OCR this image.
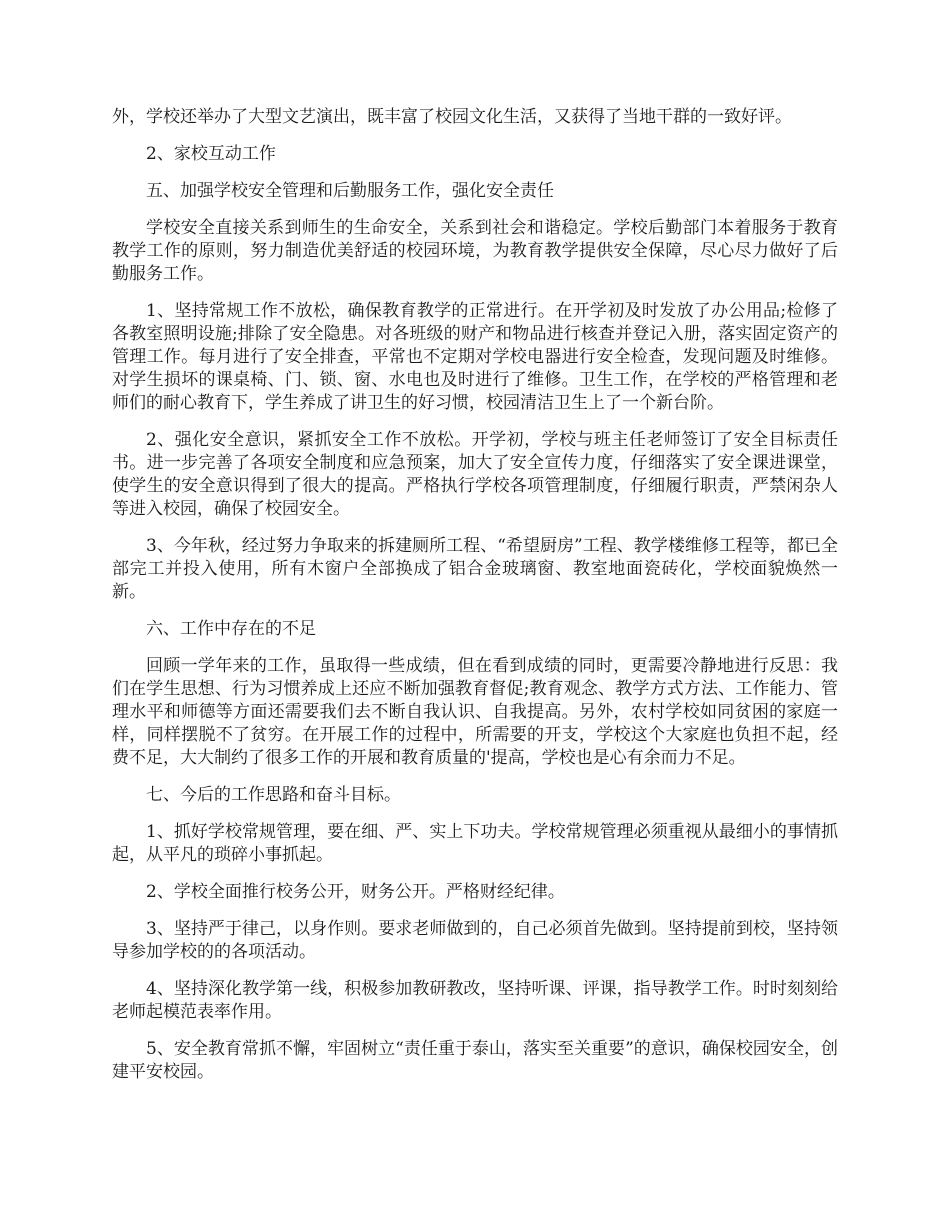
外，学校还举办了大型文艺演出，既丰富了校园文化生活，又获得了当地干群的一致好评。

2、家校互动工作

五、加强学校安全管理和后勤服务工作，强化安全责任

学校安全直接关系到师生的生命安全，关系到社会和谐稳定。学校后勤部门本着服务于教育教学工作的原则，努力制造优美舒适的校园环境，为教育教学提供安全保障，尽心尽力做好了后勤服务工作。

1、坚持常规工作不放松，确保教育教学的正常进行。在开学初及时发放了办公用品;检修了各教室照明设施;排除了安全隐患。对各班级的财产和物品进行核查并登记入册，落实固定资产的管理工作。每月进行了安全排查，平常也不定期对学校电器进行安全检查，发现问题及时维修。对学生损坏的课桌椅、门、锁、窗、水电也及时进行了维修。卫生工作，在学校的严格管理和老师们的耐心教育下，学生养成了讲卫生的好习惯，校园清洁卫生上了一个新台阶。

2、强化安全意识，紧抓安全工作不放松。开学初，学校与班主任老师签订了安全目标责任书。进一步完善了各项安全制度和应急预案，加大了安全宣传力度，仔细落实了安全课进课堂，使学生的安全意识得到了很大的提高。严格执行学校各项管理制度，仔细履行职责，严禁闲杂人等进入校园，确保了校园安全。

3、今年秋，经过努力争取来的拆建厕所工程、“希望厨房”工程、教学楼维修工程等，都已全部完工并投入使用，所有木窗户全部换成了铝合金玻璃窗、教室地面瓷砖化，学校面貌焕然一新。

六、工作中存在的不足

回顾一学年来的工作，虽取得一些成绩，但在看到成绩的同时，更需要冷静地进行反思：我们在学生思想、行为习惯养成上还应不断加强教育督促;教育观念、教学方式方法、工作能力、管理水平和师德等方面还需要我们去不断自我认识、自我提高。另外，农村学校如同贫困的家庭一样，同样摆脱不了贫穷。在开展工作的过程中，所需要的开支，学校这个大家庭也负担不起，经费不足，大大制约了很多工作的开展和教育质量的'提高，学校也是心有余而力不足。

七、今后的工作思路和奋斗目标。

1、抓好学校常规管理，要在细、严、实上下功夫。学校常规管理必须重视从最细小的事情抓起，从平凡的琐碎小事抓起。

2、学校全面推行校务公开，财务公开。严格财经纪律。

3、坚持严于律己，以身作则。要求老师做到的，自己必须首先做到。坚持提前到校，坚持领导参加学校的的各项活动。

4、坚持深化教学第一线，积极参加教研教改，坚持听课、评课，指导教学工作。时时刻刻给老师起模范表率作用。

5、安全教育常抓不懈，牢固树立“责任重于泰山，落实至关重要”的意识，确保校园安全，创建平安校园。
